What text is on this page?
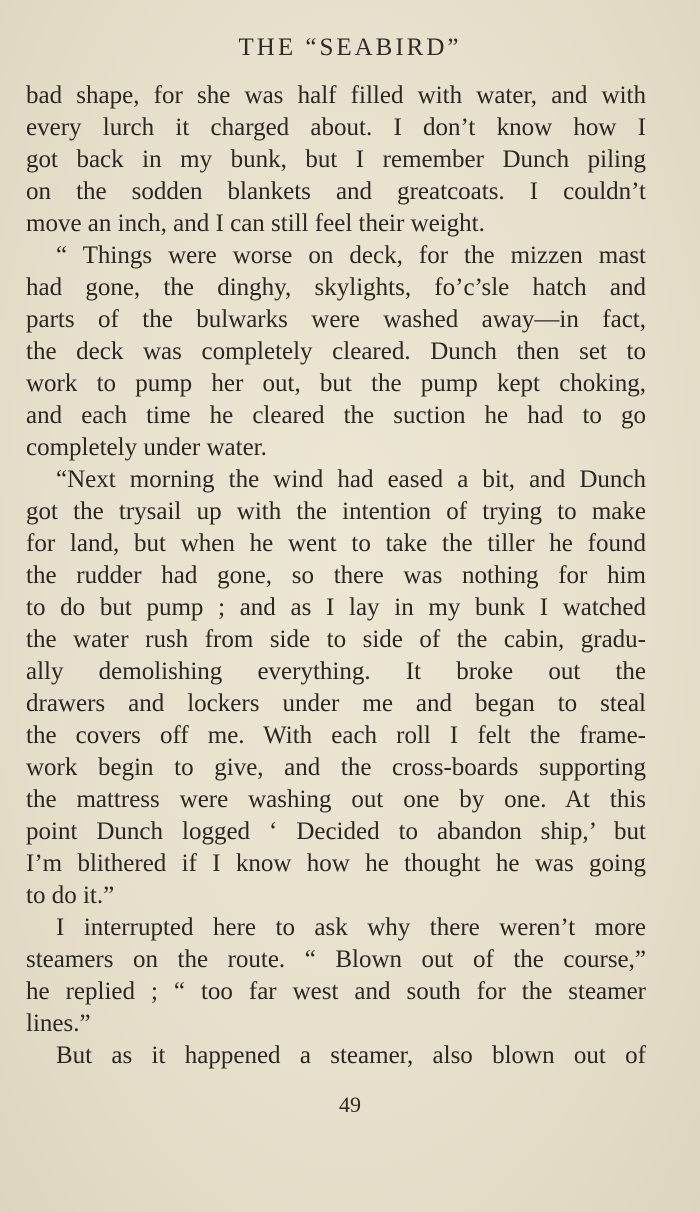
THE “SEABIRD”
bad shape, for she was half filled with water, and with
every lurch it charged about. I don’t know how I
got back in my bunk, but I remember Dunch piling
on the sodden blankets and greatcoats. I couldn’t
move an inch, and I can still feel their weight.
“ Things were worse on deck, for the mizzen mast
had gone, the dinghy, skylights, fo’c’sle hatch and
parts of the bulwarks were washed away—in fact,
the deck was completely cleared. Dunch then set to
work to pump her out, but the pump kept choking,
and each time he cleared the suction he had to go
completely under water.
“Next morning the wind had eased a bit, and Dunch
got the trysail up with the intention of trying to make
for land, but when he went to take the tiller he found
the rudder had gone, so there was nothing for him
to do but pump ; and as I lay in my bunk I watched
the water rush from side to side of the cabin, gradu-
ally demolishing everything. It broke out the
drawers and lockers under me and began to steal
the covers off me. With each roll I felt the frame-
work begin to give, and the cross-boards supporting
the mattress were washing out one by one. At this
point Dunch logged ‘ Decided to abandon ship,’ but
I’m blithered if I know how he thought he was going
to do it.”
I interrupted here to ask why there weren’t more
steamers on the route. “ Blown out of the course,”
he replied ; “ too far west and south for the steamer
lines.”
But as it happened a steamer, also blown out of
49
